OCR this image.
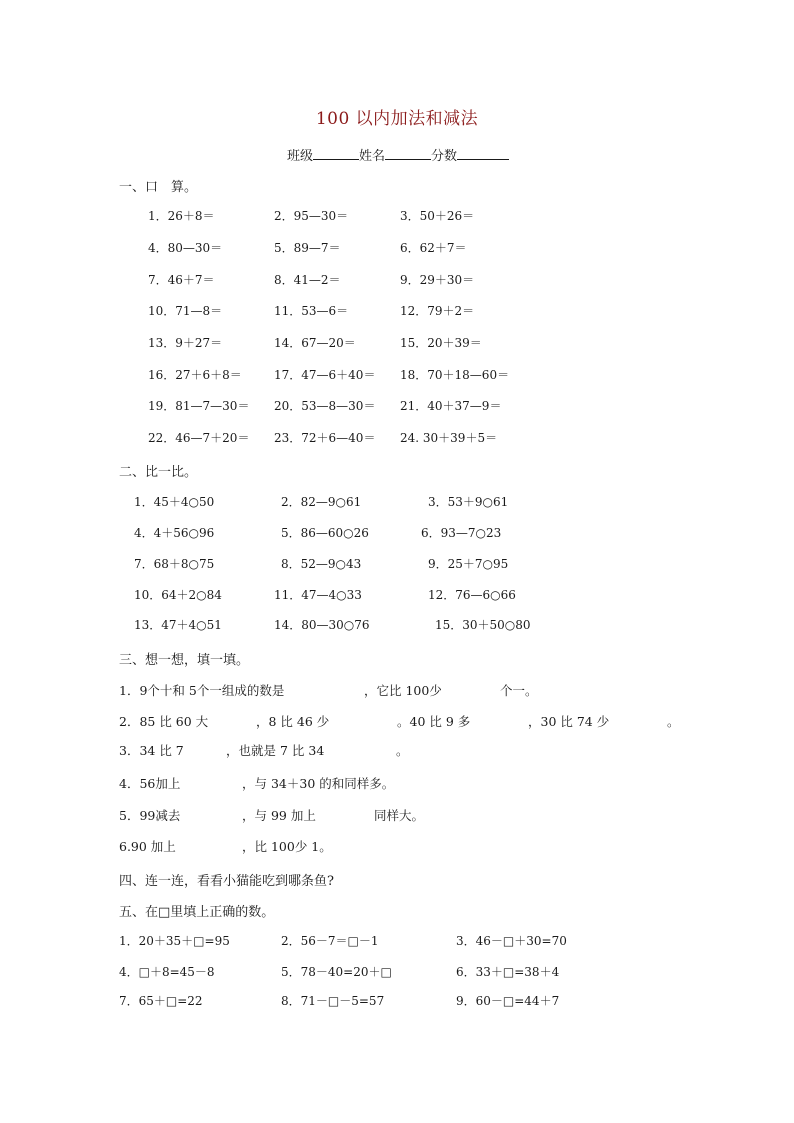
100 以内加法和减法
班级	姓名	分数
一、口　算。
1．26＋8＝	2．95—30＝	3．50＋26＝
4．80—30＝	5．89—7＝	6．62＋7＝
7．46＋7＝	8．41—2＝	9．29＋30＝
10．71—8＝	11．53—6＝	12．79＋2＝
13．9＋27＝	14．67—20＝	15．20＋39＝
16．27＋6＋8＝	17．47—6＋40＝ 18．70＋18—60＝
19．81—7—30＝ 20．53—8—30＝ 21．40＋37—9＝
22．46—7＋20＝ 23．72＋6—40＝ 24. 30＋39＋5＝
二、比一比。
1．45＋4○50	2．82—9○61	3．53＋9○61
4．4＋56○96	5．86—60○26	6．93—7○23
7．68＋8○75	8．52—9○43	9．25＋7○95
10．64＋2○84	11．47—4○33	12．76—6○66
13．47＋4○51	14．80—30○76	15．30＋50○80
三、想一想，填一填。
1．9个十和 5个一组成的数是	，它比 100少	个一。
2．85 比 60 大	，8 比 46 少	。40 比 9 多	，30 比 74 少	。
3．34 比 7	，也就是 7 比 34	。
4．56加上	，与 34＋30 的和同样多。
5．99减去	，与 99 加上	同样大。
6.90 加上	，比 100少 1。
四、连一连，看看小猫能吃到哪条鱼?
五、在□里填上正确的数。
1．20＋35＋□=95	2．56－7＝□－1	3．46－□＋30=70
4．□＋8=45－8	5．78－40=20＋□	6．33＋□=38＋4
7．65＋□=22	8．71－□－5=57	9．60－□=44＋7
